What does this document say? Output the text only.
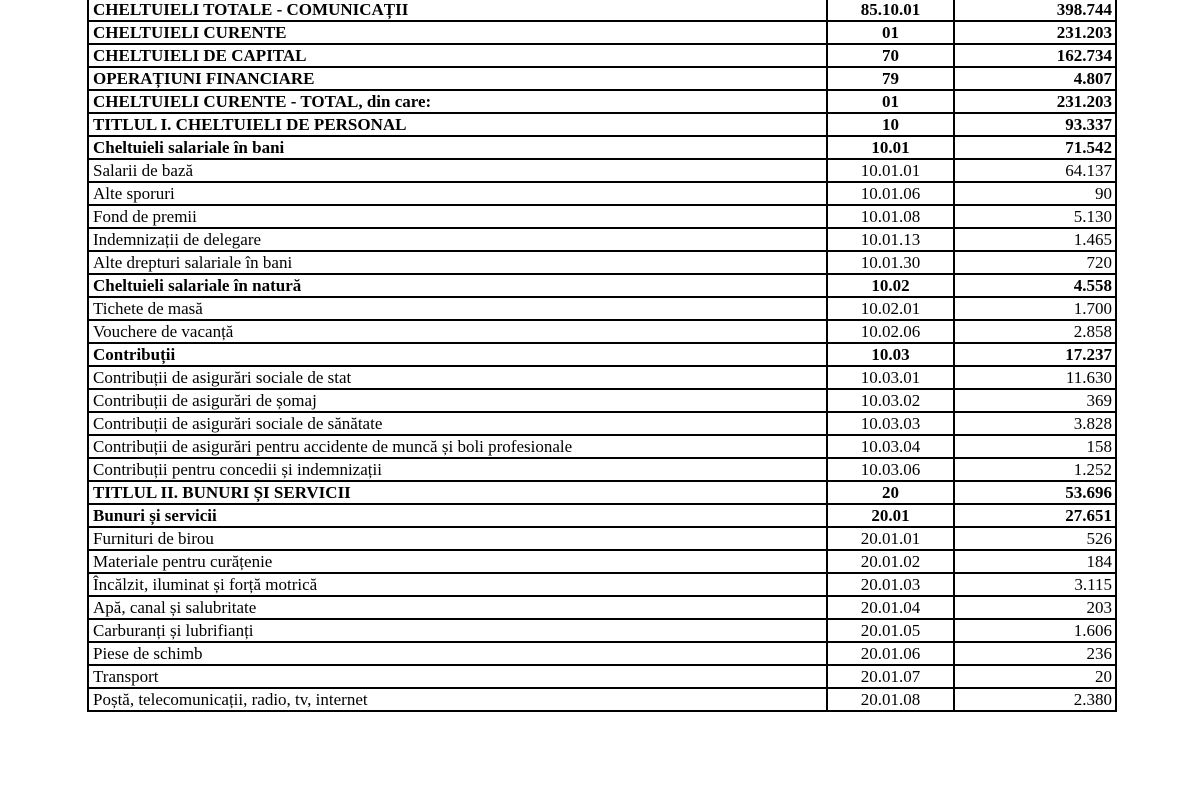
CHELTUIELI TOTALE - COMUNICAȚII	85.10.01	398.744
CHELTUIELI CURENTE	01	231.203
CHELTUIELI DE CAPITAL	70	162.734
OPERAȚIUNI FINANCIARE	79	4.807
CHELTUIELI CURENTE - TOTAL, din care:	01	231.203
TITLUL I. CHELTUIELI DE PERSONAL	10	93.337
Cheltuieli salariale în bani	10.01	71.542
Salarii de bază	10.01.01	64.137
Alte sporuri	10.01.06	90
Fond de premii	10.01.08	5.130
Indemnizații de delegare	10.01.13	1.465
Alte drepturi salariale în bani	10.01.30	720
Cheltuieli salariale în natură	10.02	4.558
Tichete de masă	10.02.01	1.700
Vouchere de vacanță	10.02.06	2.858
Contribuții	10.03	17.237
Contribuții de asigurări sociale de stat	10.03.01	11.630
Contribuții de asigurări de șomaj	10.03.02	369
Contribuții de asigurări sociale de sănătate	10.03.03	3.828
Contribuții de asigurări pentru accidente de muncă și boli profesionale	10.03.04	158
Contribuții pentru concedii și indemnizații	10.03.06	1.252
TITLUL II. BUNURI ȘI SERVICII	20	53.696
Bunuri și servicii	20.01	27.651
Furnituri de birou	20.01.01	526
Materiale pentru curățenie	20.01.02	184
Încălzit, iluminat și forță motrică	20.01.03	3.115
Apă, canal și salubritate	20.01.04	203
Carburanți și lubrifianți	20.01.05	1.606
Piese de schimb	20.01.06	236
Transport	20.01.07	20
Poștă, telecomunicații, radio, tv, internet	20.01.08	2.380
